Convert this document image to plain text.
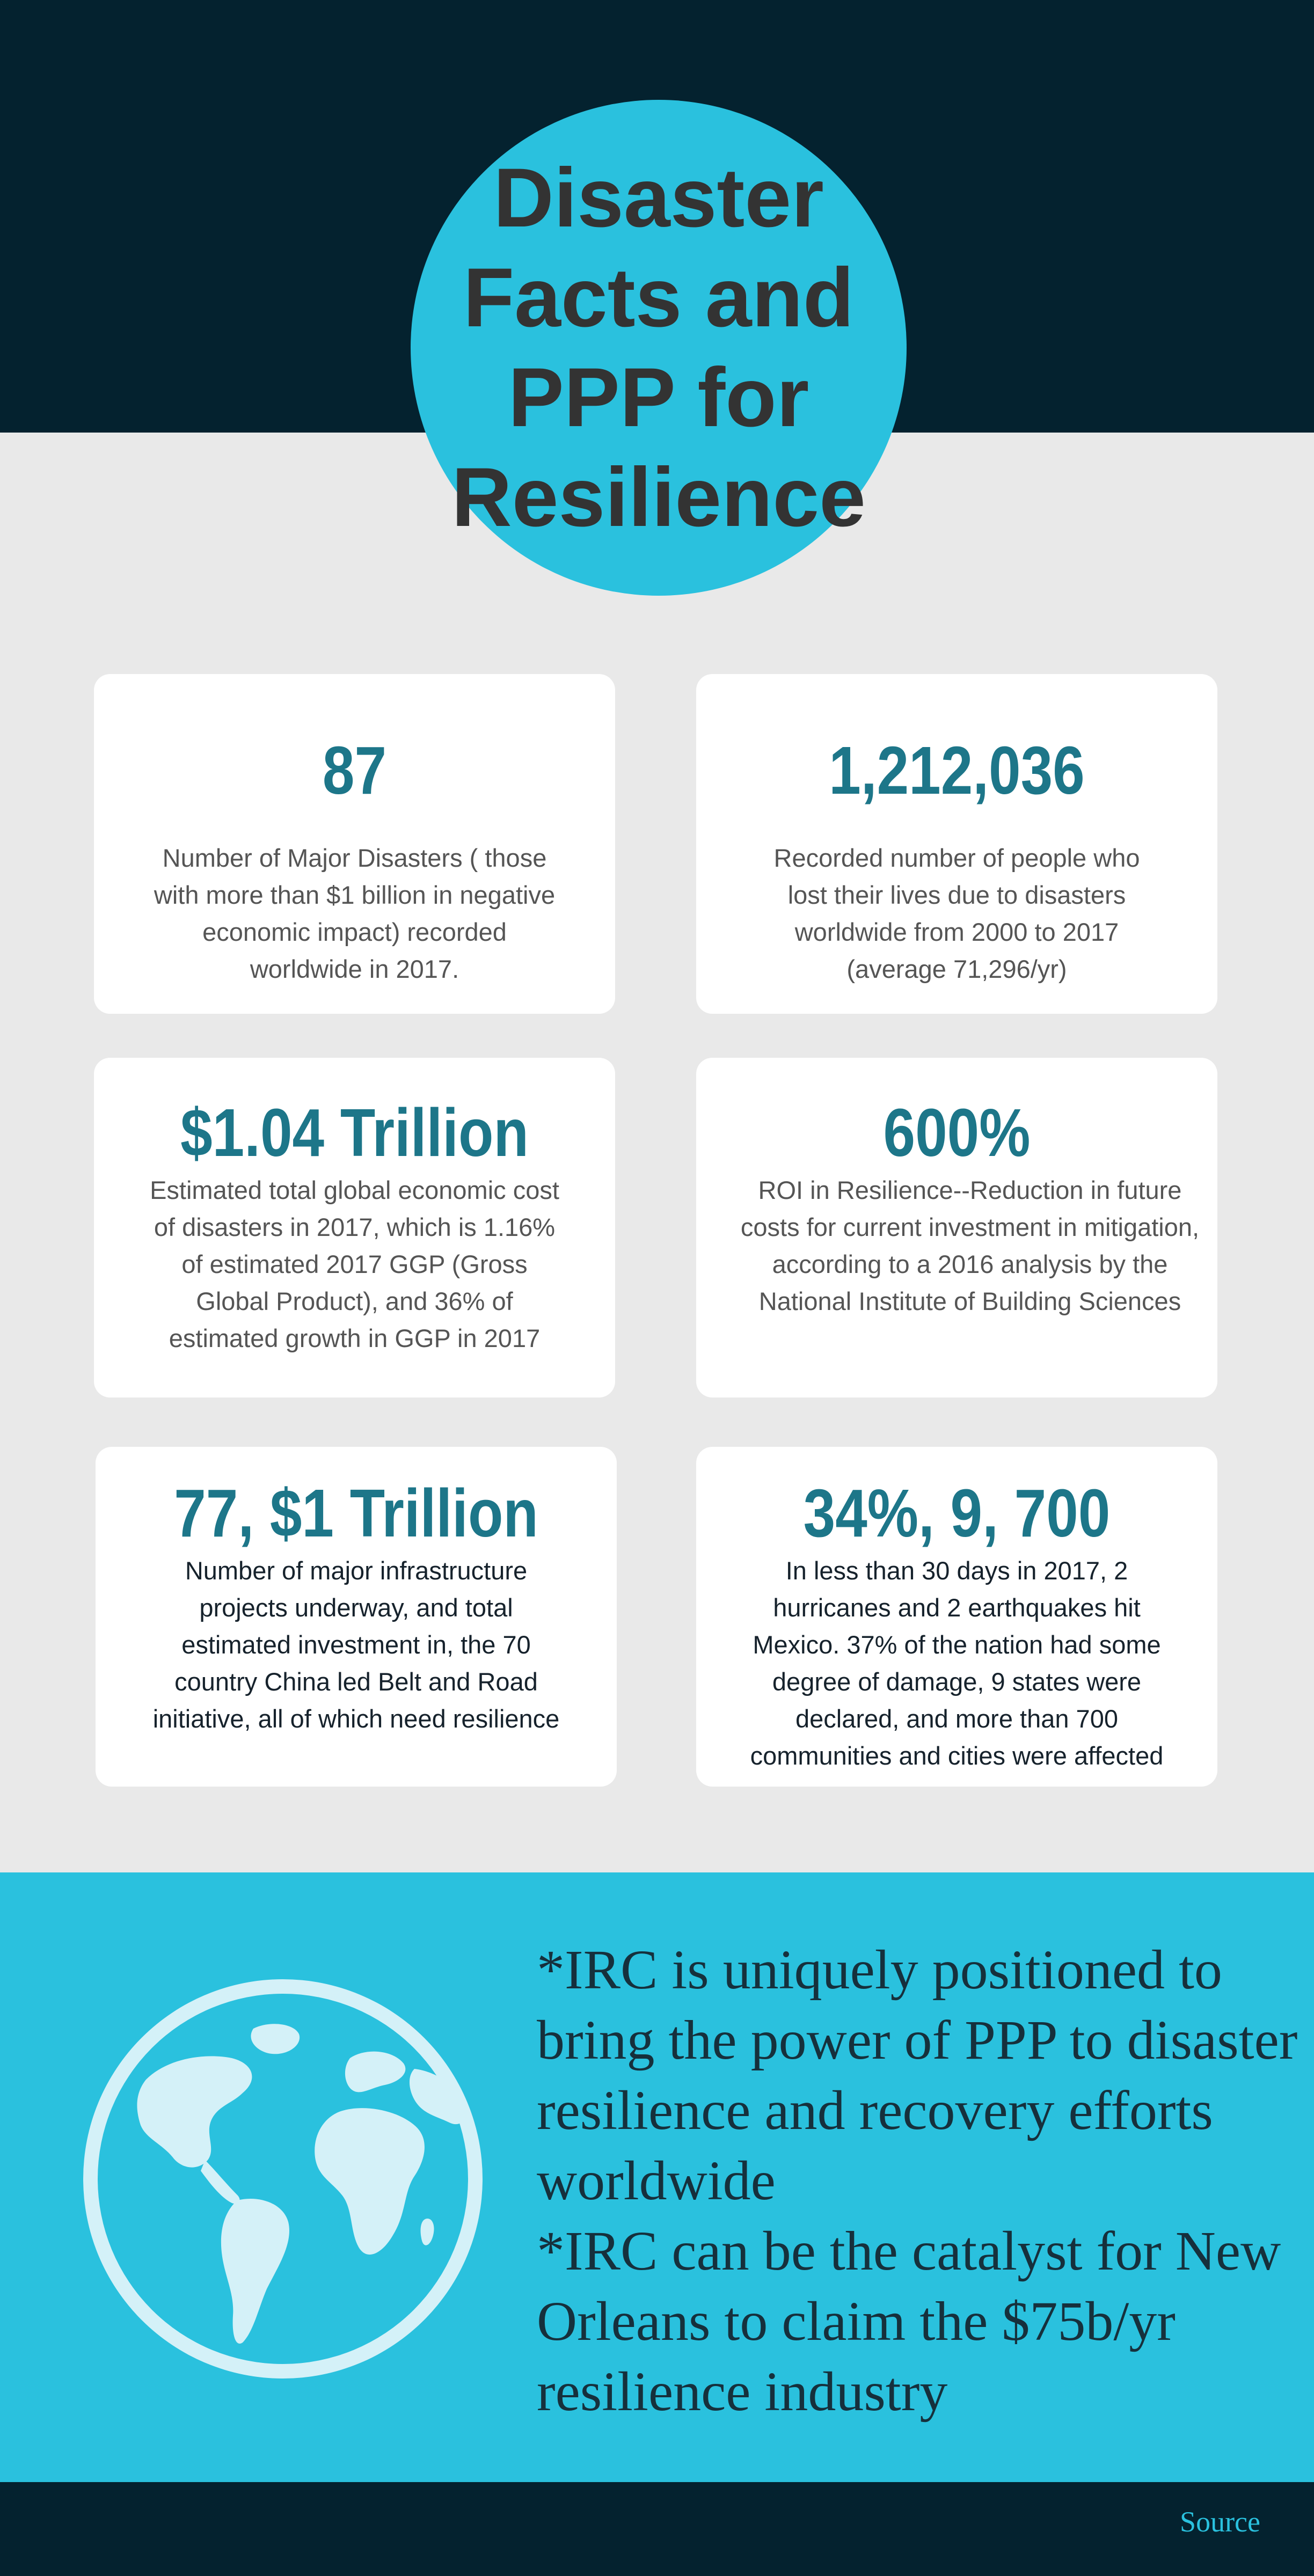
Disaster Facts and PPP for Resilience
87
Number of Major Disasters ( those with more than $1 billion in negative economic impact) recorded worldwide in 2017.
1,212,036
Recorded number of people who lost their lives due to disasters worldwide from 2000 to 2017 (average 71,296/yr)
$1.04 Trillion
Estimated total global economic cost of disasters in 2017, which is 1.16% of estimated 2017 GGP (Gross Global Product), and 36% of estimated growth in GGP in 2017
600%
ROI in Resilience--Reduction in future costs for current investment in mitigation, according to a 2016 analysis by the National Institute of Building Sciences
77, $1 Trillion
Number of major infrastructure projects underway, and total estimated investment in, the 70 country China led Belt and Road initiative, all of which need resilience
34%, 9, 700
In less than 30 days in 2017, 2 hurricanes and 2 earthquakes hit Mexico. 37% of the nation had some degree of damage, 9 states were declared, and more than 700 communities and cities were affected

*IRC is uniquely positioned to bring the power of PPP to disaster resilience and recovery efforts worldwide

*IRC can be the catalyst for New Orleans to claim the $75b/yr resilience industry

Source
